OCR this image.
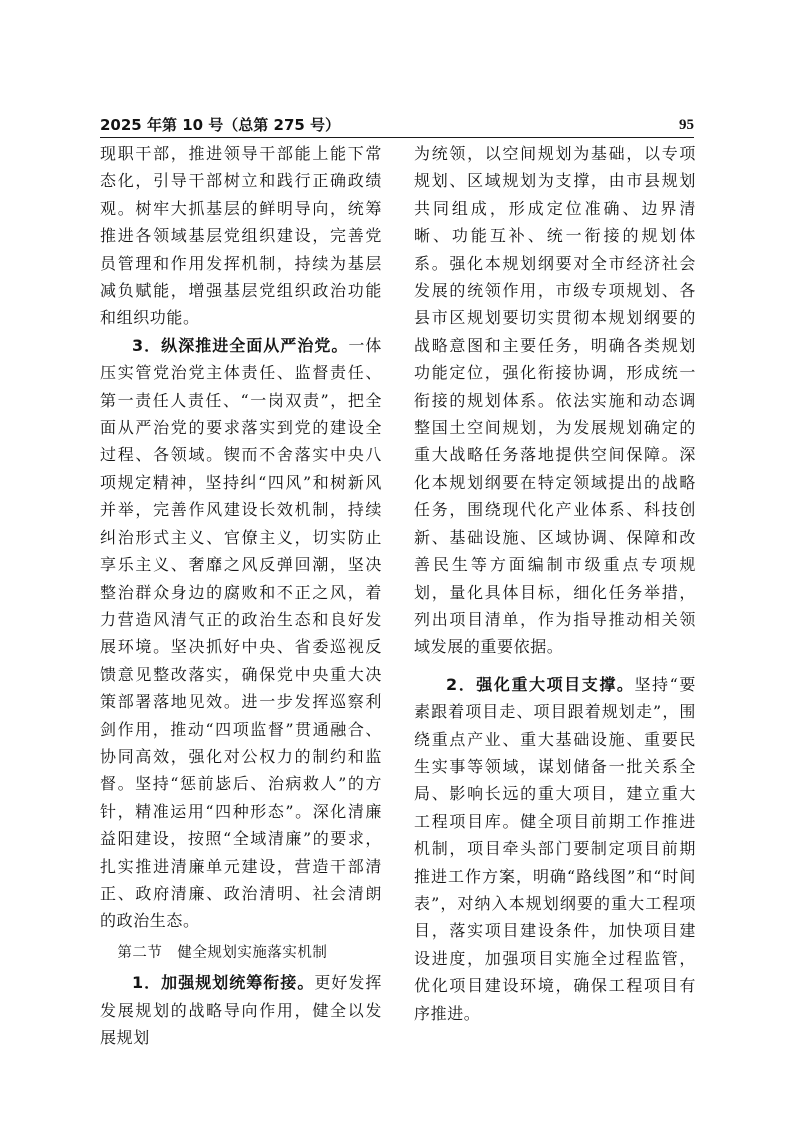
2025 年第 10 号（总第 275 号）	95

现职干部，推进领导干部能上能下常态化，引导干部树立和践行正确政绩观。树牢大抓基层的鲜明导向，统筹推进各领域基层党组织建设，完善党员管理和作用发挥机制，持续为基层减负赋能，增强基层党组织政治功能和组织功能。

3．纵深推进全面从严治党。一体压实管党治党主体责任、监督责任、第一责任人责任、“一岗双责”，把全面从严治党的要求落实到党的建设全过程、各领域。锲而不舍落实中央八项规定精神，坚持纠“四风”和树新风并举，完善作风建设长效机制，持续纠治形式主义、官僚主义，切实防止享乐主义、奢靡之风反弹回潮，坚决整治群众身边的腐败和不正之风，着力营造风清气正的政治生态和良好发展环境。坚决抓好中央、省委巡视反馈意见整改落实，确保党中央重大决策部署落地见效。进一步发挥巡察利剑作用，推动“四项监督”贯通融合、协同高效，强化对公权力的制约和监督。坚持“惩前毖后、治病救人”的方针，精准运用“四种形态”。深化清廉益阳建设，按照“全域清廉”的要求，扎实推进清廉单元建设，营造干部清正、政府清廉、政治清明、社会清朗的政治生态。

第二节　健全规划实施落实机制

1．加强规划统筹衔接。更好发挥发展规划的战略导向作用，健全以发展规划

为统领，以空间规划为基础，以专项规划、区域规划为支撑，由市县规划共同组成，形成定位准确、边界清晰、功能互补、统一衔接的规划体系。强化本规划纲要对全市经济社会发展的统领作用，市级专项规划、各县市区规划要切实贯彻本规划纲要的战略意图和主要任务，明确各类规划功能定位，强化衔接协调，形成统一衔接的规划体系。依法实施和动态调整国土空间规划，为发展规划确定的重大战略任务落地提供空间保障。深化本规划纲要在特定领域提出的战略任务，围绕现代化产业体系、科技创新、基础设施、区域协调、保障和改善民生等方面编制市级重点专项规划，量化具体目标，细化任务举措，列出项目清单，作为指导推动相关领域发展的重要依据。

2．强化重大项目支撑。坚持“要素跟着项目走、项目跟着规划走”，围绕重点产业、重大基础设施、重要民生实事等领域，谋划储备一批关系全局、影响长远的重大项目，建立重大工程项目库。健全项目前期工作推进机制，项目牵头部门要制定项目前期推进工作方案，明确“路线图”和“时间表”，对纳入本规划纲要的重大工程项目，落实项目建设条件，加快项目建设进度，加强项目实施全过程监管，优化项目建设环境，确保工程项目有序推进。
